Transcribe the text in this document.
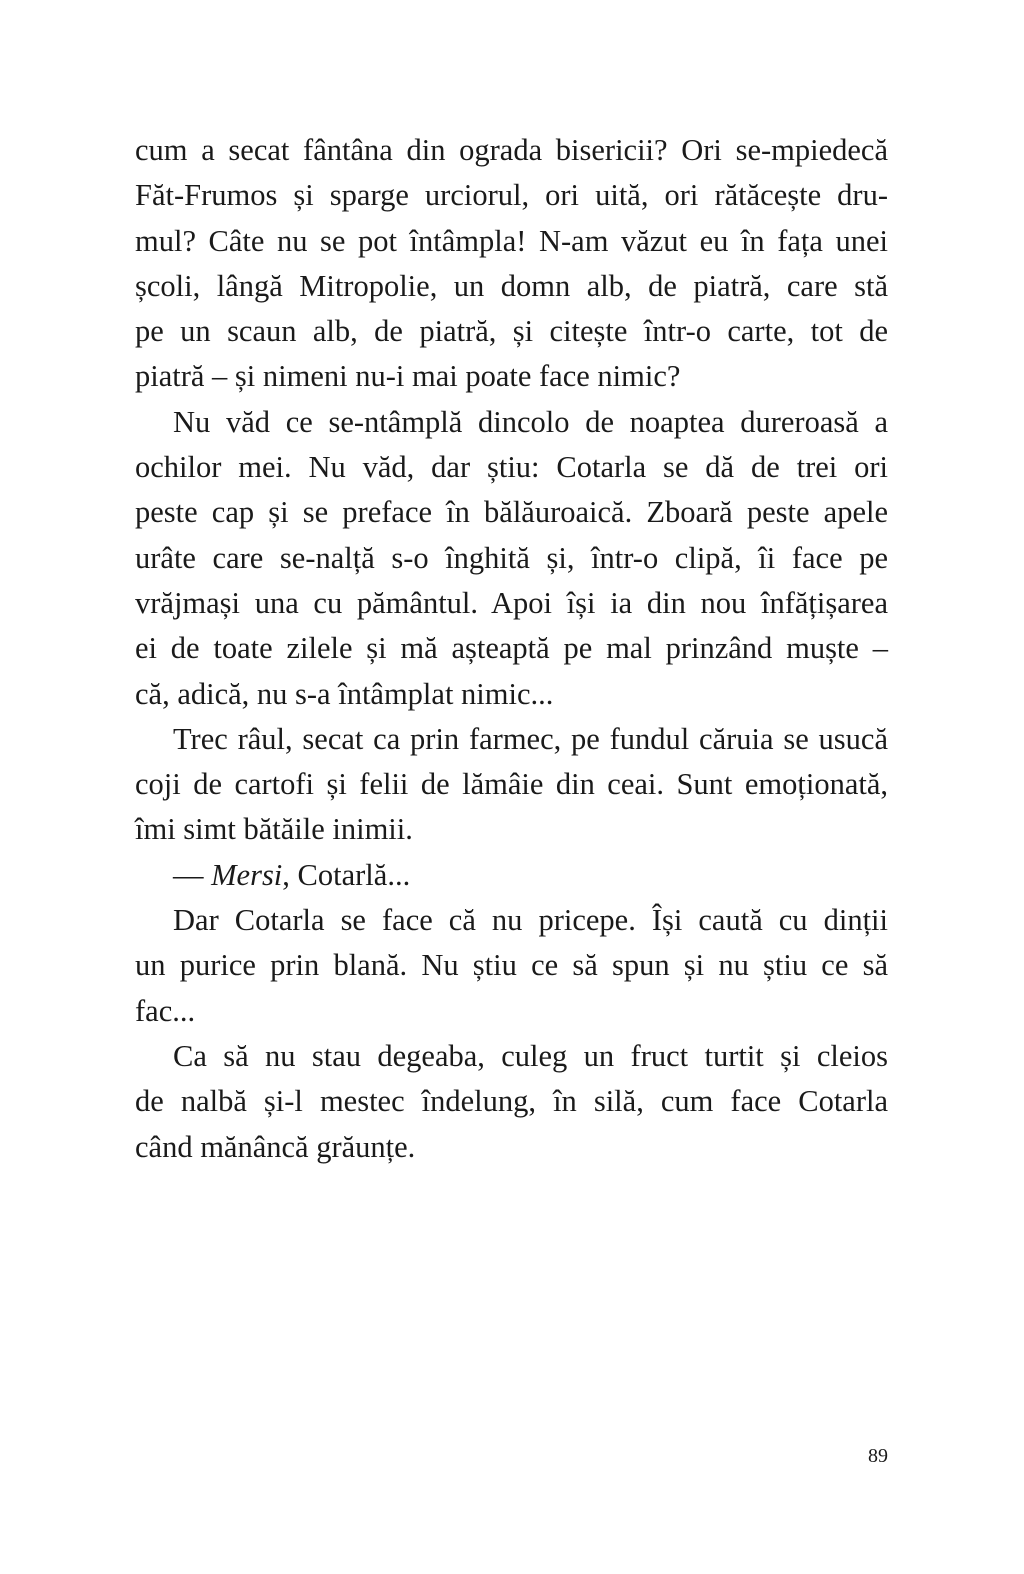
cum a secat fântâna din ograda bisericii? Ori se-mpiedecă
Făt-Frumos și sparge urciorul, ori uită, ori rătăcește dru-
mul? Câte nu se pot întâmpla! N-am văzut eu în fața unei
școli, lângă Mitropolie, un domn alb, de piatră, care stă
pe un scaun alb, de piatră, și citește într-o carte, tot de
piatră – și nimeni nu-i mai poate face nimic?
Nu văd ce se-ntâmplă dincolo de noaptea dureroasă a
ochilor mei. Nu văd, dar știu: Cotarla se dă de trei ori
peste cap și se preface în bălăuroaică. Zboară peste apele
urâte care se-nalță s-o înghită și, într-o clipă, îi face pe
vrăjmași una cu pământul. Apoi își ia din nou înfățișarea
ei de toate zilele și mă așteaptă pe mal prinzând muște –
că, adică, nu s-a întâmplat nimic...
Trec râul, secat ca prin farmec, pe fundul căruia se usucă
coji de cartofi și felii de lămâie din ceai. Sunt emoționată,
îmi simt bătăile inimii.
— Mersi, Cotarlă...
Dar Cotarla se face că nu pricepe. Își caută cu dinții
un purice prin blană. Nu știu ce să spun și nu știu ce să
fac...
Ca să nu stau degeaba, culeg un fruct turtit și cleios
de nalbă și-l mestec îndelung, în silă, cum face Cotarla
când mănâncă grăunțe.
89
